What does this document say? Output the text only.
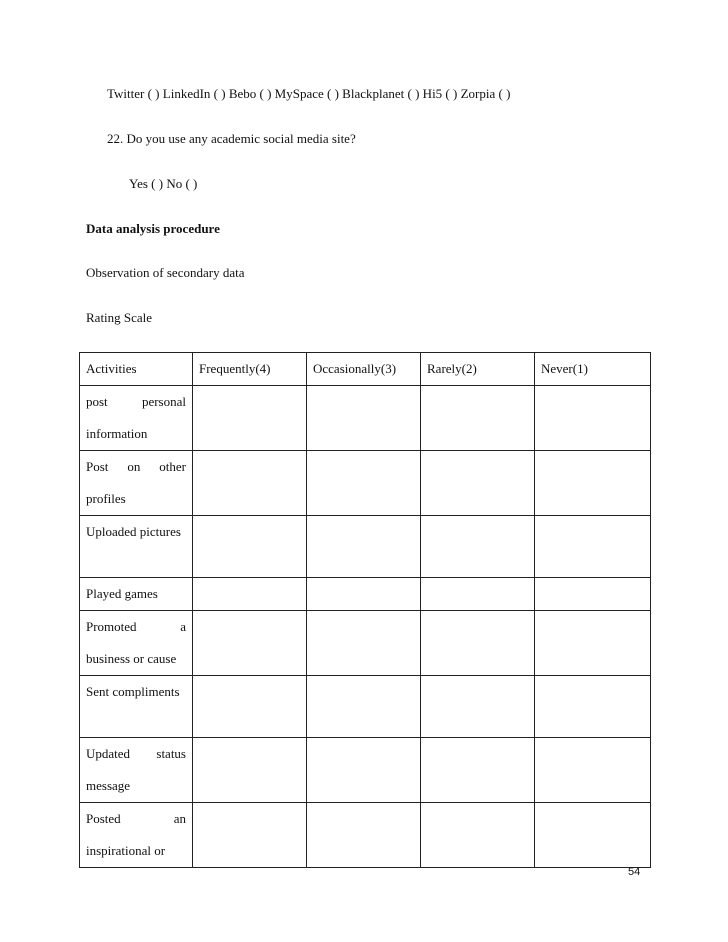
Twitter ( ) LinkedIn ( ) Bebo ( ) MySpace ( ) Blackplanet ( ) Hi5 ( ) Zorpia ( )
22. Do you use any academic social media site?
Yes ( ) No ( )
Data analysis procedure
Observation of secondary data
Rating Scale
Activities	Frequently(4)	Occasionally(3)	Rarely(2)	Never(1)
post personal information				
Post on other profiles				
Uploaded pictures				
Played games				
Promoted a business or cause				
Sent compliments				
Updated status message				
Posted an inspirational or				
54
